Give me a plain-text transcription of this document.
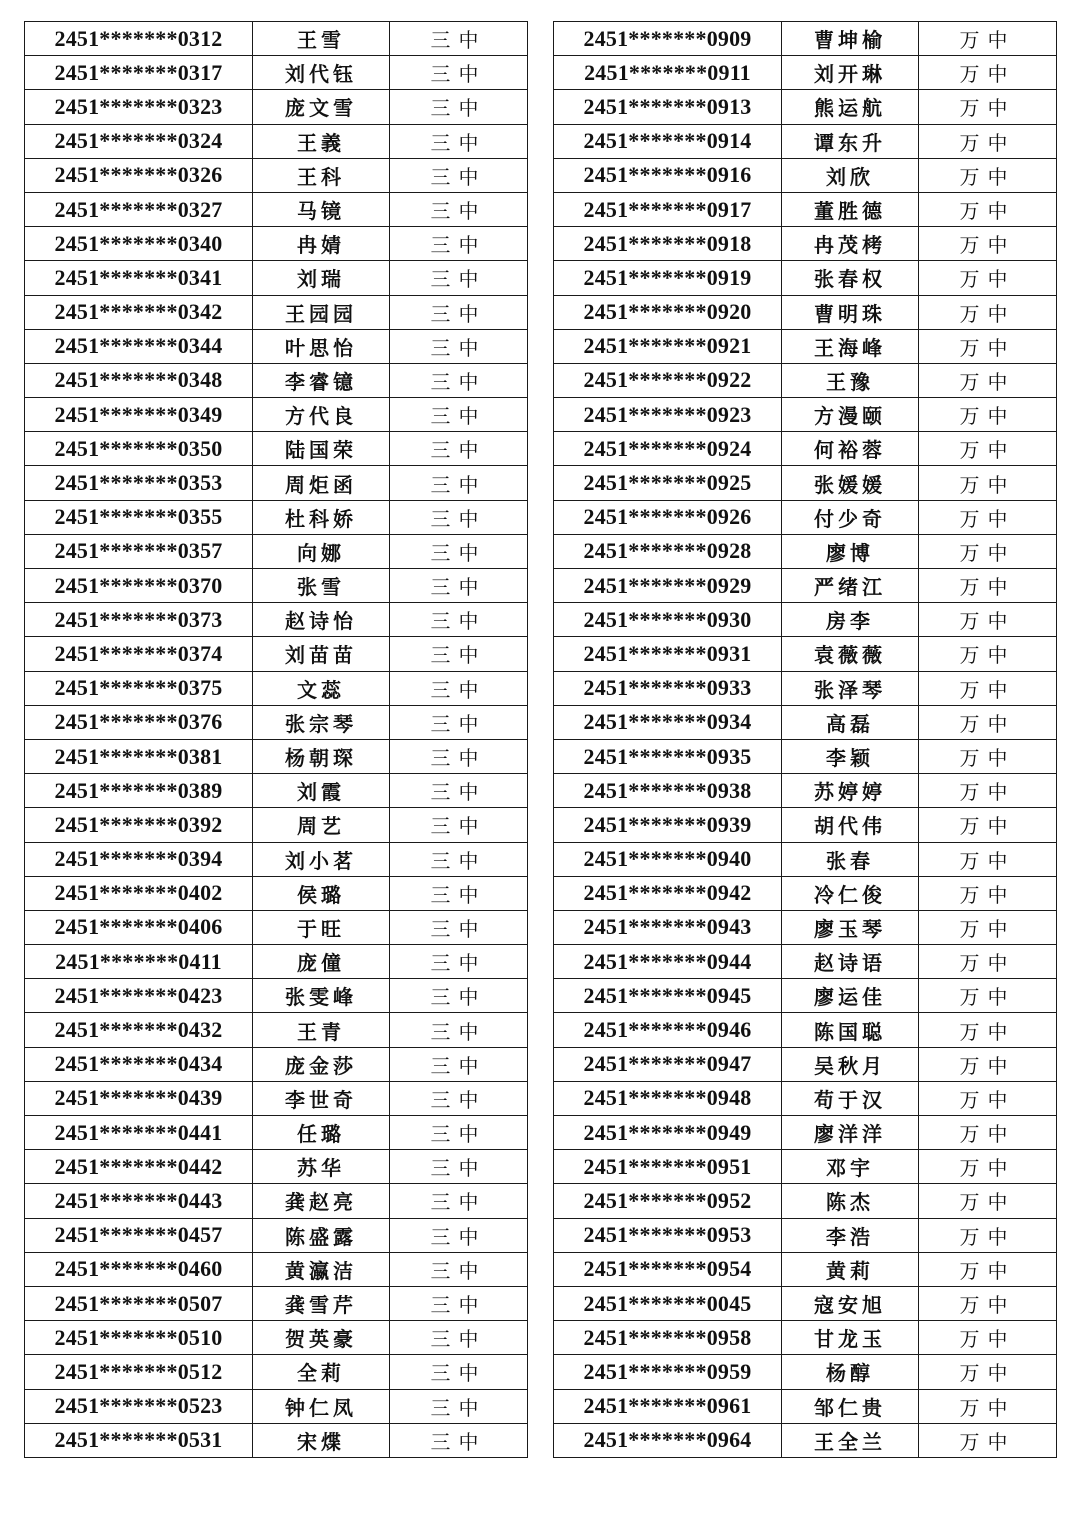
2451*******0312	王雪	三中
2451*******0317	刘代钰	三中
2451*******0323	庞文雪	三中
2451*******0324	王義	三中
2451*******0326	王科	三中
2451*******0327	马镜	三中
2451*******0340	冉婧	三中
2451*******0341	刘瑞	三中
2451*******0342	王园园	三中
2451*******0344	叶思怡	三中
2451*******0348	李睿镱	三中
2451*******0349	方代良	三中
2451*******0350	陆国荣	三中
2451*******0353	周炬函	三中
2451*******0355	杜科娇	三中
2451*******0357	向娜	三中
2451*******0370	张雪	三中
2451*******0373	赵诗怡	三中
2451*******0374	刘苗苗	三中
2451*******0375	文蕊	三中
2451*******0376	张宗琴	三中
2451*******0381	杨朝琛	三中
2451*******0389	刘霞	三中
2451*******0392	周艺	三中
2451*******0394	刘小茗	三中
2451*******0402	侯璐	三中
2451*******0406	于旺	三中
2451*******0411	庞僮	三中
2451*******0423	张雯峰	三中
2451*******0432	王青	三中
2451*******0434	庞金莎	三中
2451*******0439	李世奇	三中
2451*******0441	任璐	三中
2451*******0442	苏华	三中
2451*******0443	龚赵亮	三中
2451*******0457	陈盛露	三中
2451*******0460	黄瀛洁	三中
2451*******0507	龚雪芹	三中
2451*******0510	贺英豪	三中
2451*******0512	全莉	三中
2451*******0523	钟仁凤	三中
2451*******0531	宋煠	三中
2451*******0909	曹坤榆	万中
2451*******0911	刘开琳	万中
2451*******0913	熊运航	万中
2451*******0914	谭东升	万中
2451*******0916	刘欣	万中
2451*******0917	董胜德	万中
2451*******0918	冉茂栲	万中
2451*******0919	张春权	万中
2451*******0920	曹明珠	万中
2451*******0921	王海峰	万中
2451*******0922	王豫	万中
2451*******0923	方漫颐	万中
2451*******0924	何裕蓉	万中
2451*******0925	张媛媛	万中
2451*******0926	付少奇	万中
2451*******0928	廖博	万中
2451*******0929	严绪江	万中
2451*******0930	房李	万中
2451*******0931	袁薇薇	万中
2451*******0933	张泽琴	万中
2451*******0934	高磊	万中
2451*******0935	李颖	万中
2451*******0938	苏婷婷	万中
2451*******0939	胡代伟	万中
2451*******0940	张春	万中
2451*******0942	冷仁俊	万中
2451*******0943	廖玉琴	万中
2451*******0944	赵诗语	万中
2451*******0945	廖运佳	万中
2451*******0946	陈国聪	万中
2451*******0947	吴秋月	万中
2451*******0948	苟于汉	万中
2451*******0949	廖洋洋	万中
2451*******0951	邓宇	万中
2451*******0952	陈杰	万中
2451*******0953	李浩	万中
2451*******0954	黄莉	万中
2451*******0045	寇安旭	万中
2451*******0958	甘龙玉	万中
2451*******0959	杨醇	万中
2451*******0961	邹仁贵	万中
2451*******0964	王全兰	万中
